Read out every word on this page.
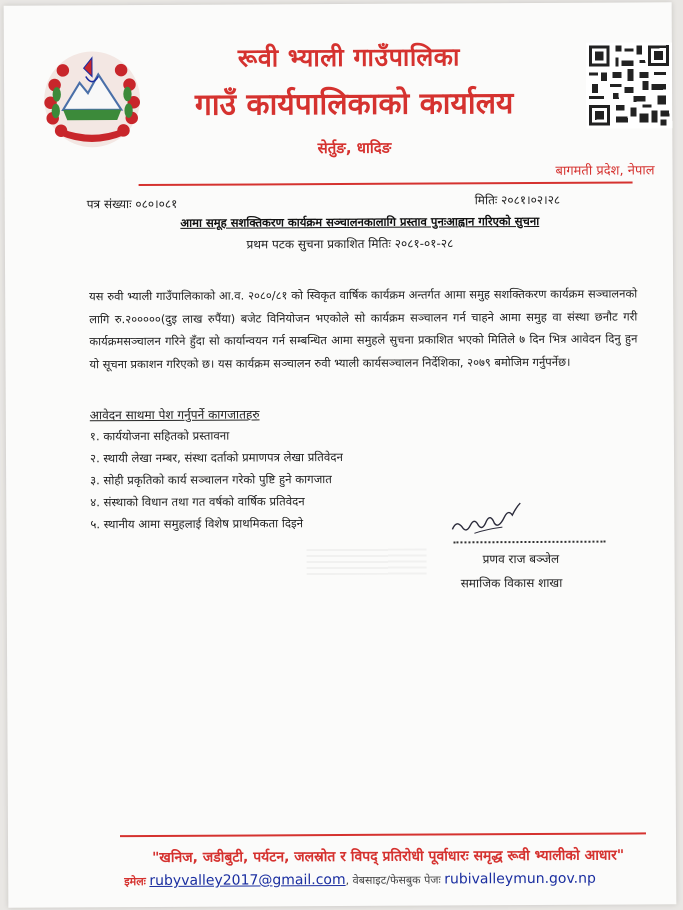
रूवी भ्याली गाउँपालिका
गाउँ कार्यपालिकाको कार्यालय
सेर्तुङ, धादिङ
बागमती प्रदेश, नेपाल
पत्र संख्याः ०८०।०८१	मितिः २०८१।०२।२८
आमा समूह सशक्तिकरण कार्यक्रम सञ्चालनकालागि प्रस्ताव पुनःआह्वान गरिएको सुचना
प्रथम पटक सुचना प्रकाशित मितिः २०८१-०१-२८
यस रुवी भ्याली गाउँपालिकाको आ.व. २०८०/८१ को स्विकृत वार्षिक कार्यक्रम अन्तर्गत आमा समुह सशक्तिकरण कार्यक्रम सञ्चालनको लागि रु.२०००००(दुइ लाख रुपैंया) बजेट विनियोजन भएकोले सो कार्यक्रम सञ्चालन गर्न चाहने आमा समुह वा संस्था छनौट गरी कार्यक्रमसञ्चालन गरिने हुँदा सो कार्यान्वयन गर्न सम्बन्धित आमा समुहले सुचना प्रकाशित भएको मितिले ७ दिन भित्र आवेदन दिनु हुन यो सूचना प्रकाशन गरिएको छ। यस कार्यक्रम सञ्चालन रुवी भ्याली कार्यसञ्चालन निर्देशिका, २०७९ बमोजिम गर्नुपर्नेछ।
आवेदन साथमा पेश गर्नुपर्ने कागजातहरु
१. कार्ययोजना सहितको प्रस्तावना
२. स्थायी लेखा नम्बर, संस्था दर्ताको प्रमाणपत्र लेखा प्रतिवेदन
३. सोही प्रकृतिको कार्य सञ्चालन गरेको पुष्टि हुने कागजात
४. संस्थाको विधान तथा गत वर्षको वार्षिक प्रतिवेदन
५. स्थानीय आमा समुहलाई विशेष प्राथमिकता दिइने
प्रणव राज बञ्जेल
समाजिक विकास शाखा
"खनिज, जडीबुटी, पर्यटन, जलस्रोत र विपद् प्रतिरोधी पूर्वाधारः समृद्ध रूवी भ्यालीको आधार"
इमेलः rubyvalley2017@gmail.com, वेबसाइट/फेसबुक पेजः rubivalleymun.gov.np
